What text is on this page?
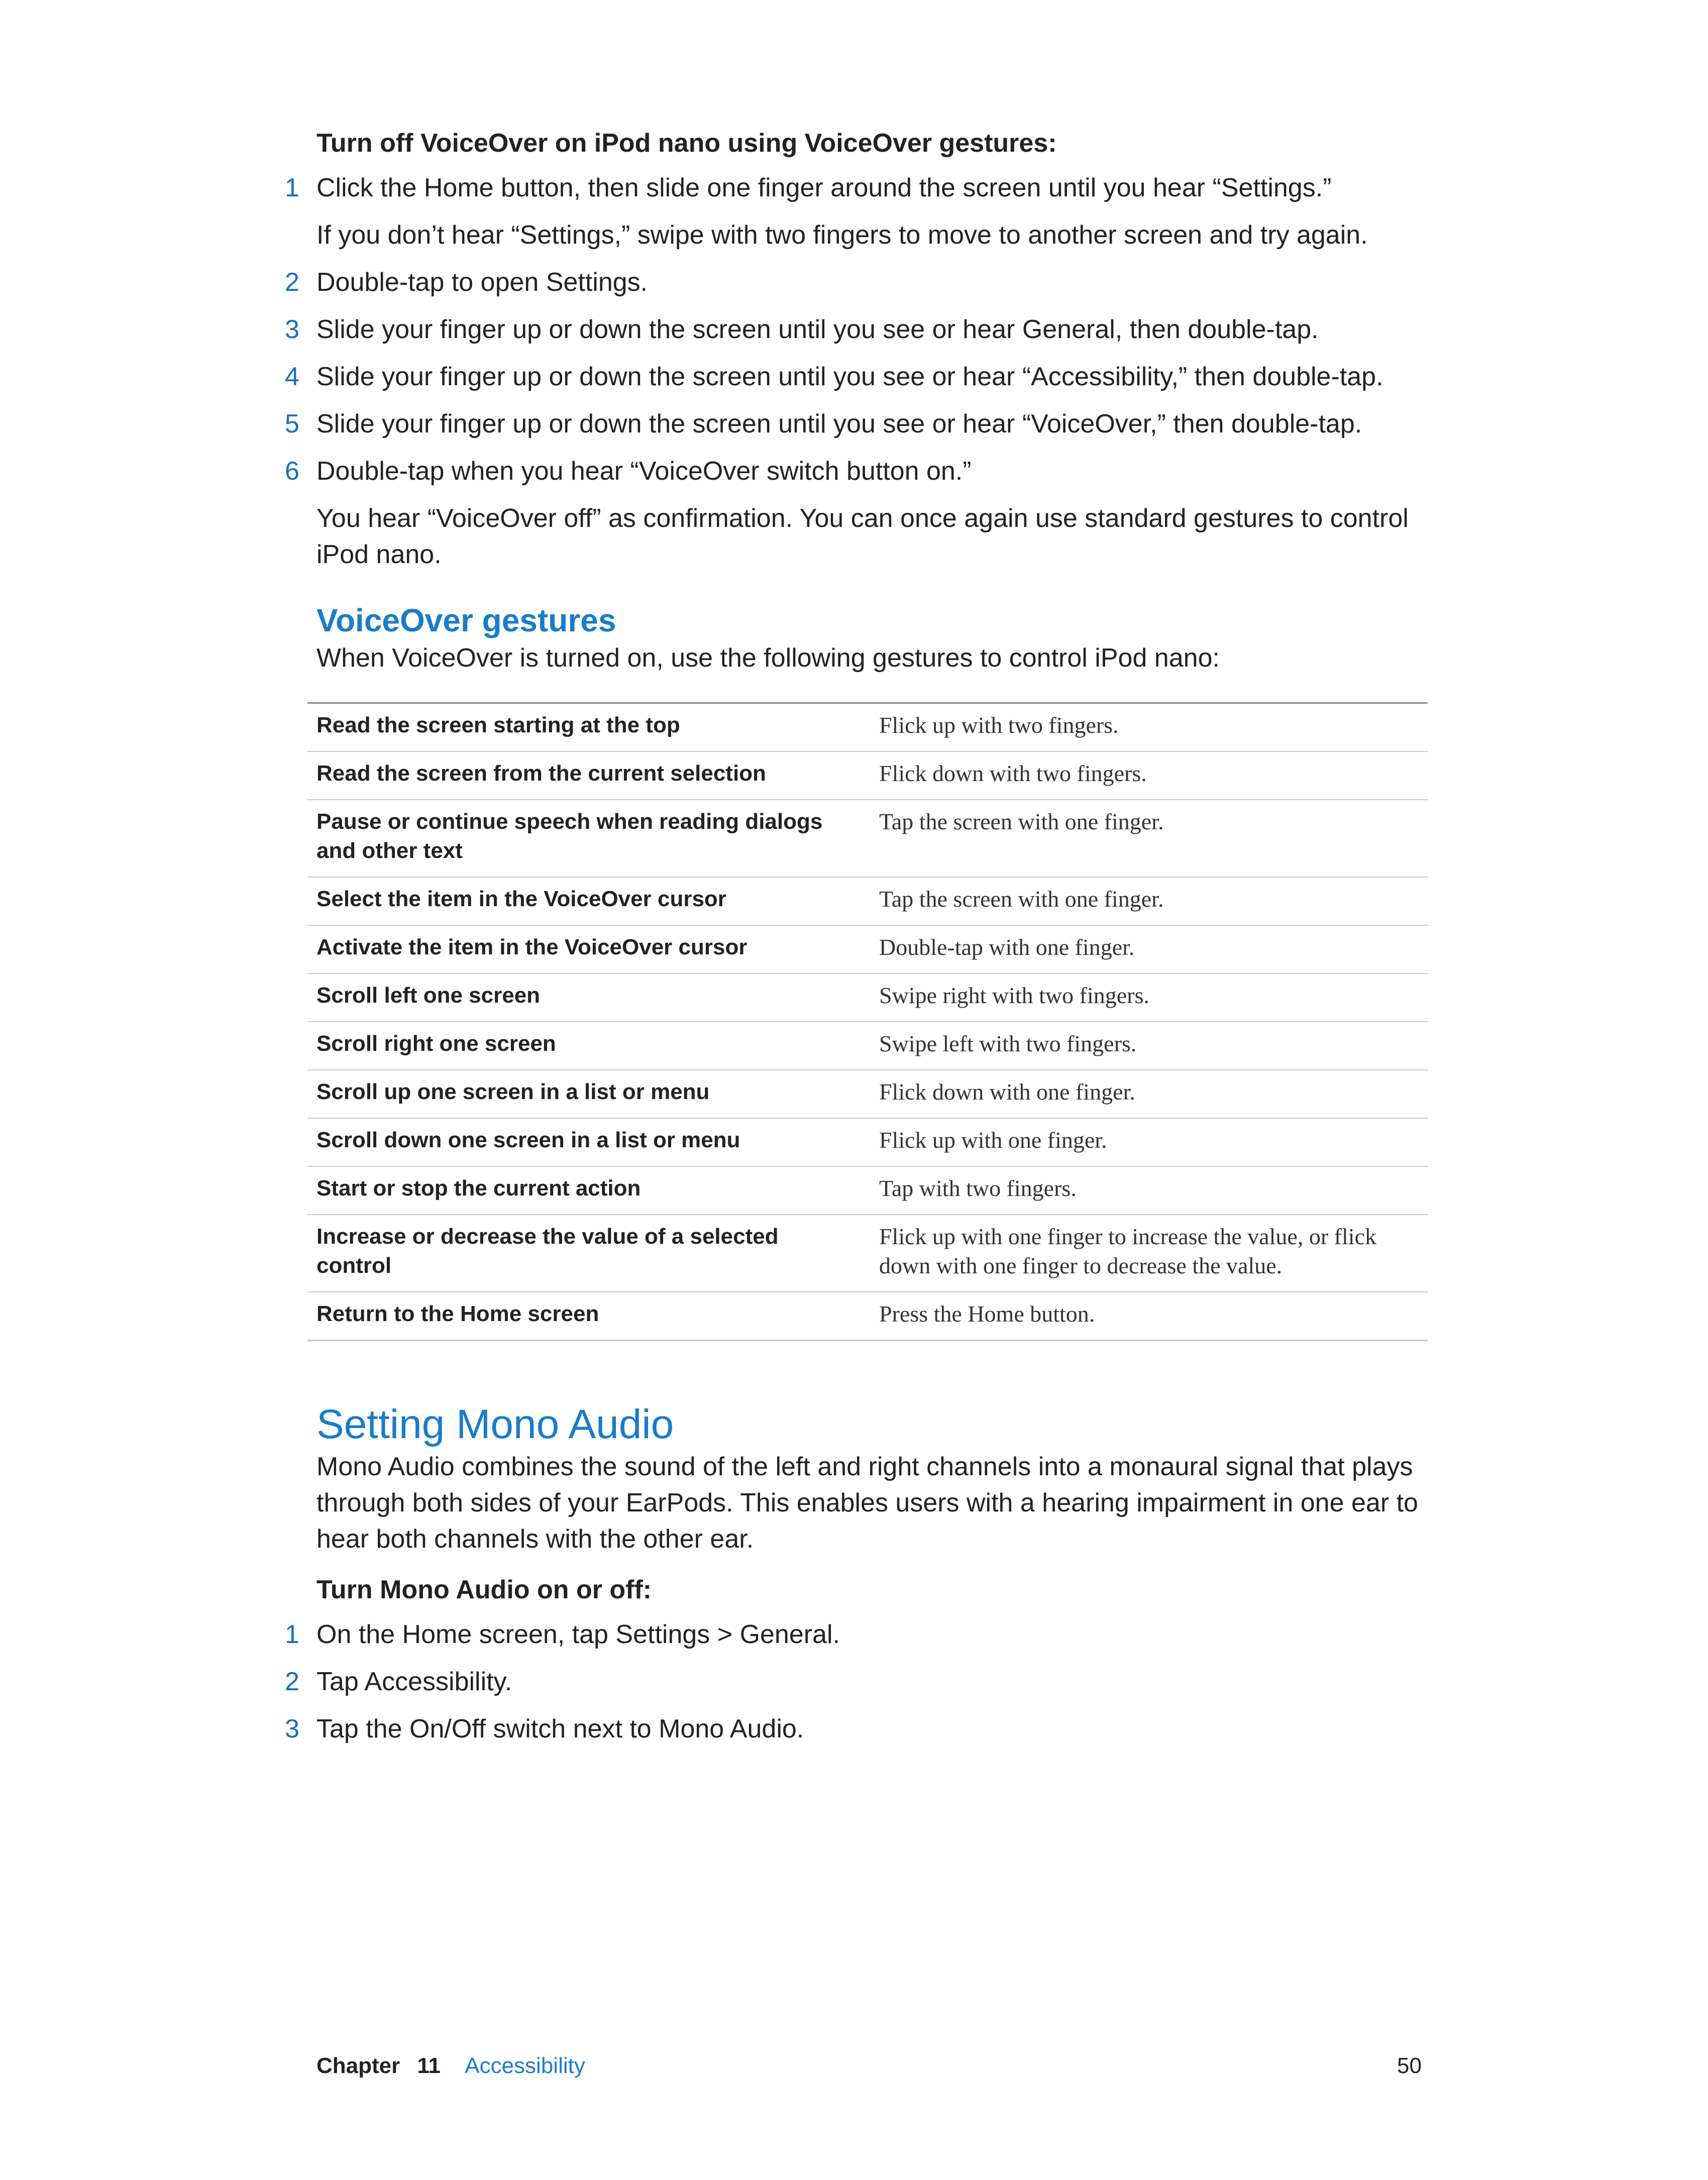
Turn off VoiceOver on iPod nano using VoiceOver gestures:
1 Click the Home button, then slide one finger around the screen until you hear “Settings.”
If you don’t hear “Settings,” swipe with two fingers to move to another screen and try again.
2 Double-tap to open Settings.
3 Slide your finger up or down the screen until you see or hear General, then double-tap.
4 Slide your finger up or down the screen until you see or hear “Accessibility,” then double-tap.
5 Slide your finger up or down the screen until you see or hear “VoiceOver,” then double-tap.
6 Double-tap when you hear “VoiceOver switch button on.”
You hear “VoiceOver off” as confirmation. You can once again use standard gestures to control iPod nano.
VoiceOver gestures
When VoiceOver is turned on, use the following gestures to control iPod nano:
Read the screen starting at the top	Flick up with two fingers.
Read the screen from the current selection	Flick down with two fingers.
Pause or continue speech when reading dialogs and other text	Tap the screen with one finger.
Select the item in the VoiceOver cursor	Tap the screen with one finger.
Activate the item in the VoiceOver cursor	Double-tap with one finger.
Scroll left one screen	Swipe right with two fingers.
Scroll right one screen	Swipe left with two fingers.
Scroll up one screen in a list or menu	Flick down with one finger.
Scroll down one screen in a list or menu	Flick up with one finger.
Start or stop the current action	Tap with two fingers.
Increase or decrease the value of a selected control	Flick up with one finger to increase the value, or flick down with one finger to decrease the value.
Return to the Home screen	Press the Home button.
Setting Mono Audio
Mono Audio combines the sound of the left and right channels into a monaural signal that plays through both sides of your EarPods. This enables users with a hearing impairment in one ear to hear both channels with the other ear.
Turn Mono Audio on or off:
1 On the Home screen, tap Settings > General.
2 Tap Accessibility.
3 Tap the On/Off switch next to Mono Audio.
Chapter 11 Accessibility	50
